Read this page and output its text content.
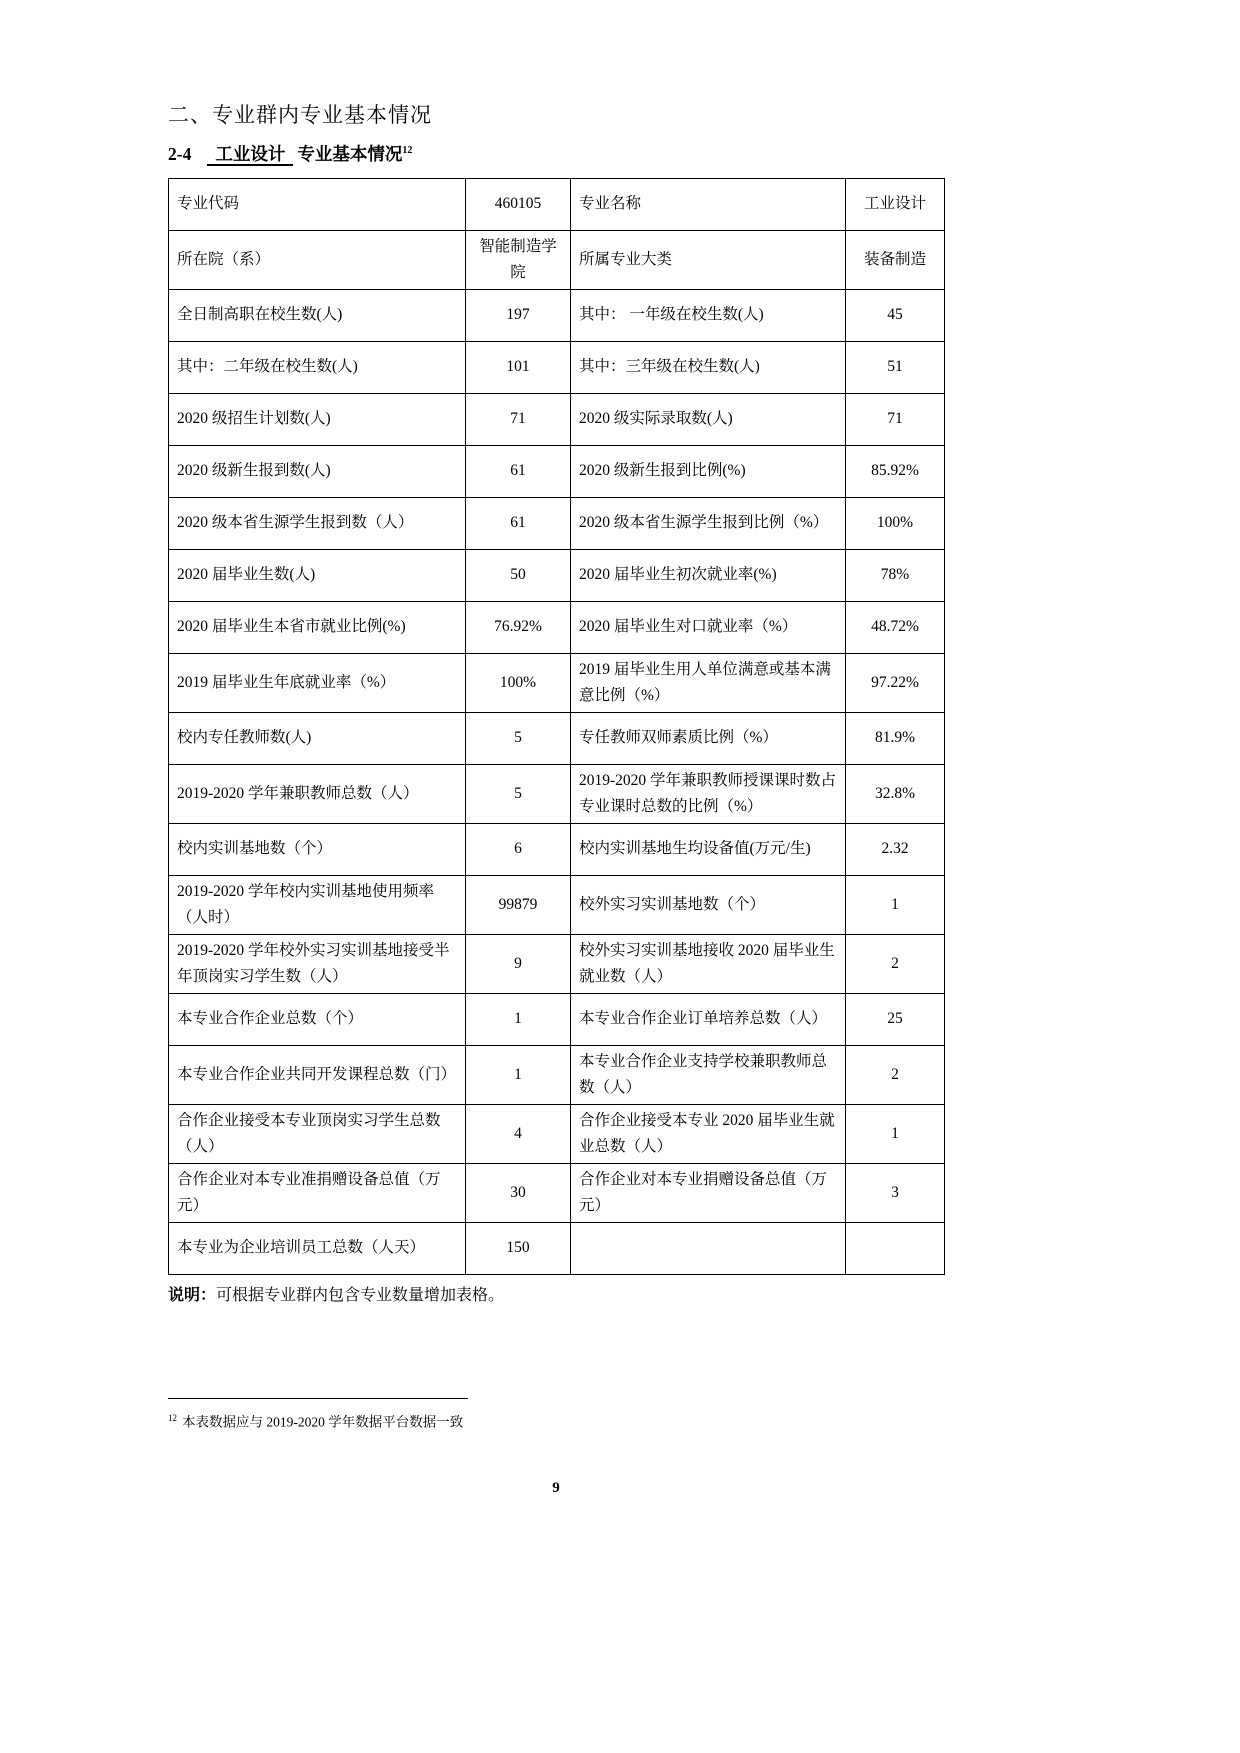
二、专业群内专业基本情况
2-4 工业设计 专业基本情况$^{12}$
专业代码	460105	专业名称	工业设计
所在院（系）	智能制造学院	所属专业大类	装备制造
全日制高职在校生数(人)	197	其中： 一年级在校生数(人)	45
其中：二年级在校生数(人)	101	其中：三年级在校生数(人)	51
2020 级招生计划数(人)	71	2020 级实际录取数(人)	71
2020 级新生报到数(人)	61	2020 级新生报到比例(%)	85.92%
2020 级本省生源学生报到数（人）	61	2020 级本省生源学生报到比例（%）	100%
2020 届毕业生数(人)	50	2020 届毕业生初次就业率(%)	78%
2020 届毕业生本省市就业比例(%)	76.92%	2020 届毕业生对口就业率（%）	48.72%
2019 届毕业生年底就业率（%）	100%	2019 届毕业生用人单位满意或基本满意比例（%）	97.22%
校内专任教师数(人)	5	专任教师双师素质比例（%）	81.9%
2019-2020 学年兼职教师总数（人）	5	2019-2020 学年兼职教师授课课时数占专业课时总数的比例（%）	32.8%
校内实训基地数（个）	6	校内实训基地生均设备值(万元/生)	2.32
2019-2020 学年校内实训基地使用频率（人时）	99879	校外实习实训基地数（个）	1
2019-2020 学年校外实习实训基地接受半年顶岗实习学生数（人）	9	校外实习实训基地接收 2020 届毕业生就业数（人）	2
本专业合作企业总数（个）	1	本专业合作企业订单培养总数（人）	25
本专业合作企业共同开发课程总数（门）	1	本专业合作企业支持学校兼职教师总数（人）	2
合作企业接受本专业顶岗实习学生总数（人）	4	合作企业接受本专业 2020 届毕业生就业总数（人）	1
合作企业对本专业准捐赠设备总值（万元）	30	合作企业对本专业捐赠设备总值（万元）	3
本专业为企业培训员工总数（人天）	150		
说明：可根据专业群内包含专业数量增加表格。
$^{12}$ 本表数据应与 2019-2020 学年数据平台数据一致
9
